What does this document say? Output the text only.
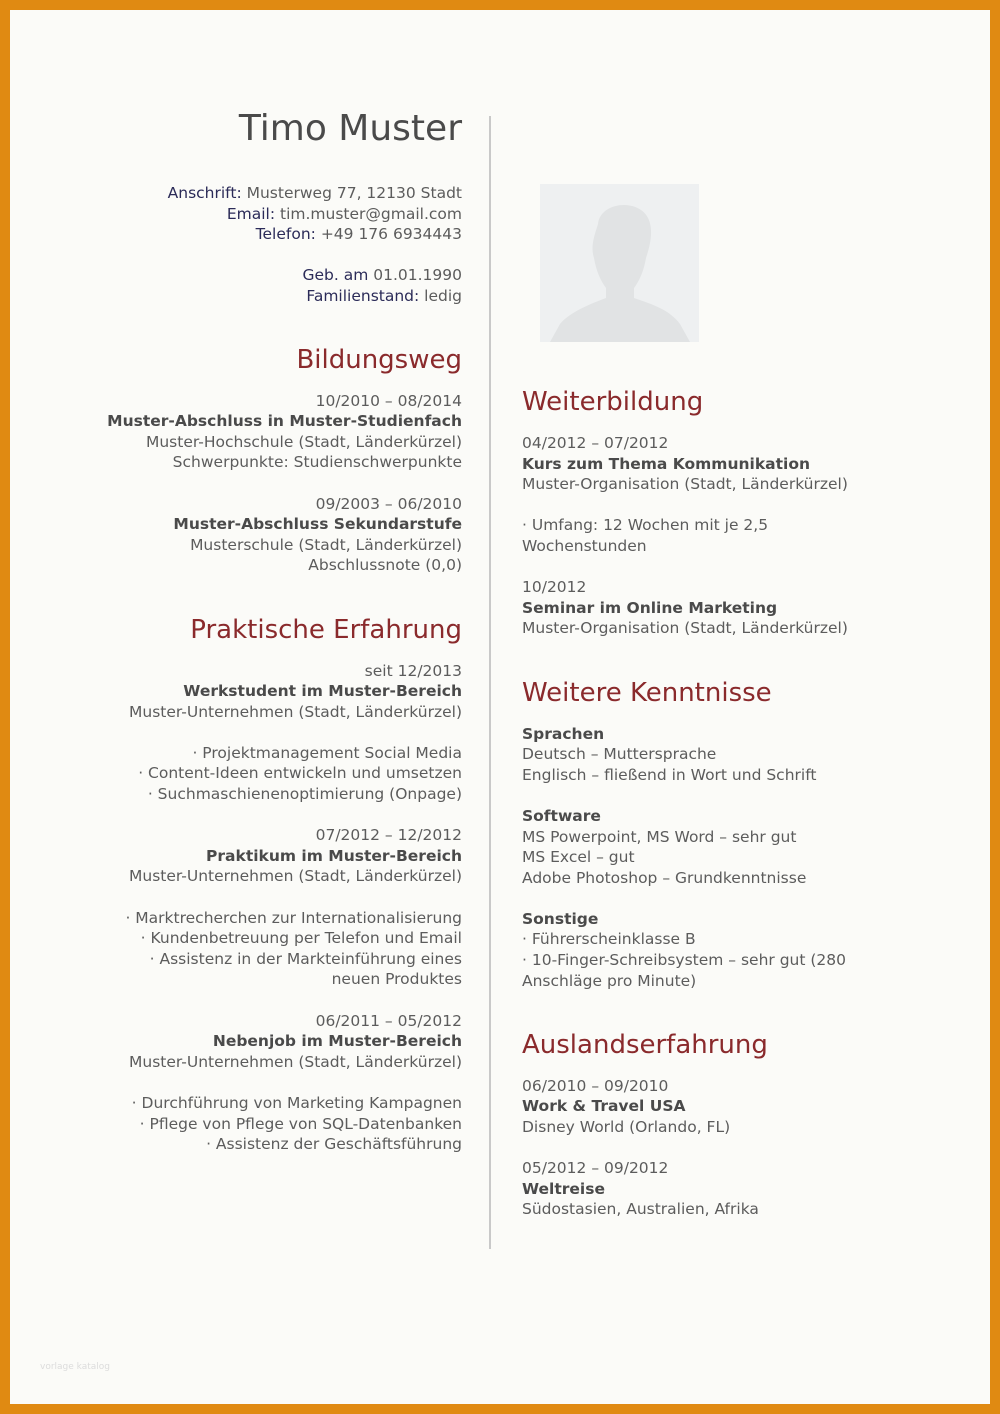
Timo Muster
Anschrift: Musterweg 77, 12130 Stadt
Email: tim.muster@gmail.com
Telefon: +49 176 6934443
Geb. am 01.01.1990
Familienstand: ledig
Bildungsweg
10/2010 – 08/2014
Muster-Abschluss in Muster-Studienfach
Muster-Hochschule (Stadt, Länderkürzel)
Schwerpunkte: Studienschwerpunkte
09/2003 – 06/2010
Muster-Abschluss Sekundarstufe
Musterschule (Stadt, Länderkürzel)
Abschlussnote (0,0)
Praktische Erfahrung
seit 12/2013
Werkstudent im Muster-Bereich
Muster-Unternehmen (Stadt, Länderkürzel)
· Projektmanagement Social Media
· Content-Ideen entwickeln und umsetzen
· Suchmaschienenoptimierung (Onpage)
07/2012 – 12/2012
Praktikum im Muster-Bereich
Muster-Unternehmen (Stadt, Länderkürzel)
· Marktrecherchen zur Internationalisierung
· Kundenbetreuung per Telefon und Email
· Assistenz in der Markteinführung eines
neuen Produktes
06/2011 – 05/2012
Nebenjob im Muster-Bereich
Muster-Unternehmen (Stadt, Länderkürzel)
· Durchführung von Marketing Kampagnen
· Pflege von Pflege von SQL-Datenbanken
· Assistenz der Geschäftsführung
Weiterbildung
04/2012 – 07/2012
Kurs zum Thema Kommunikation
Muster-Organisation (Stadt, Länderkürzel)
· Umfang: 12 Wochen mit je 2,5
Wochenstunden
10/2012
Seminar im Online Marketing
Muster-Organisation (Stadt, Länderkürzel)
Weitere Kenntnisse
Sprachen
Deutsch – Muttersprache
Englisch – fließend in Wort und Schrift
Software
MS Powerpoint, MS Word – sehr gut
MS Excel – gut
Adobe Photoshop – Grundkenntnisse
Sonstige
· Führerscheinklasse B
· 10-Finger-Schreibsystem – sehr gut (280
Anschläge pro Minute)
Auslandserfahrung
06/2010 – 09/2010
Work & Travel USA
Disney World (Orlando, FL)
05/2012 – 09/2012
Weltreise
Südostasien, Australien, Afrika
vorlage katalog
